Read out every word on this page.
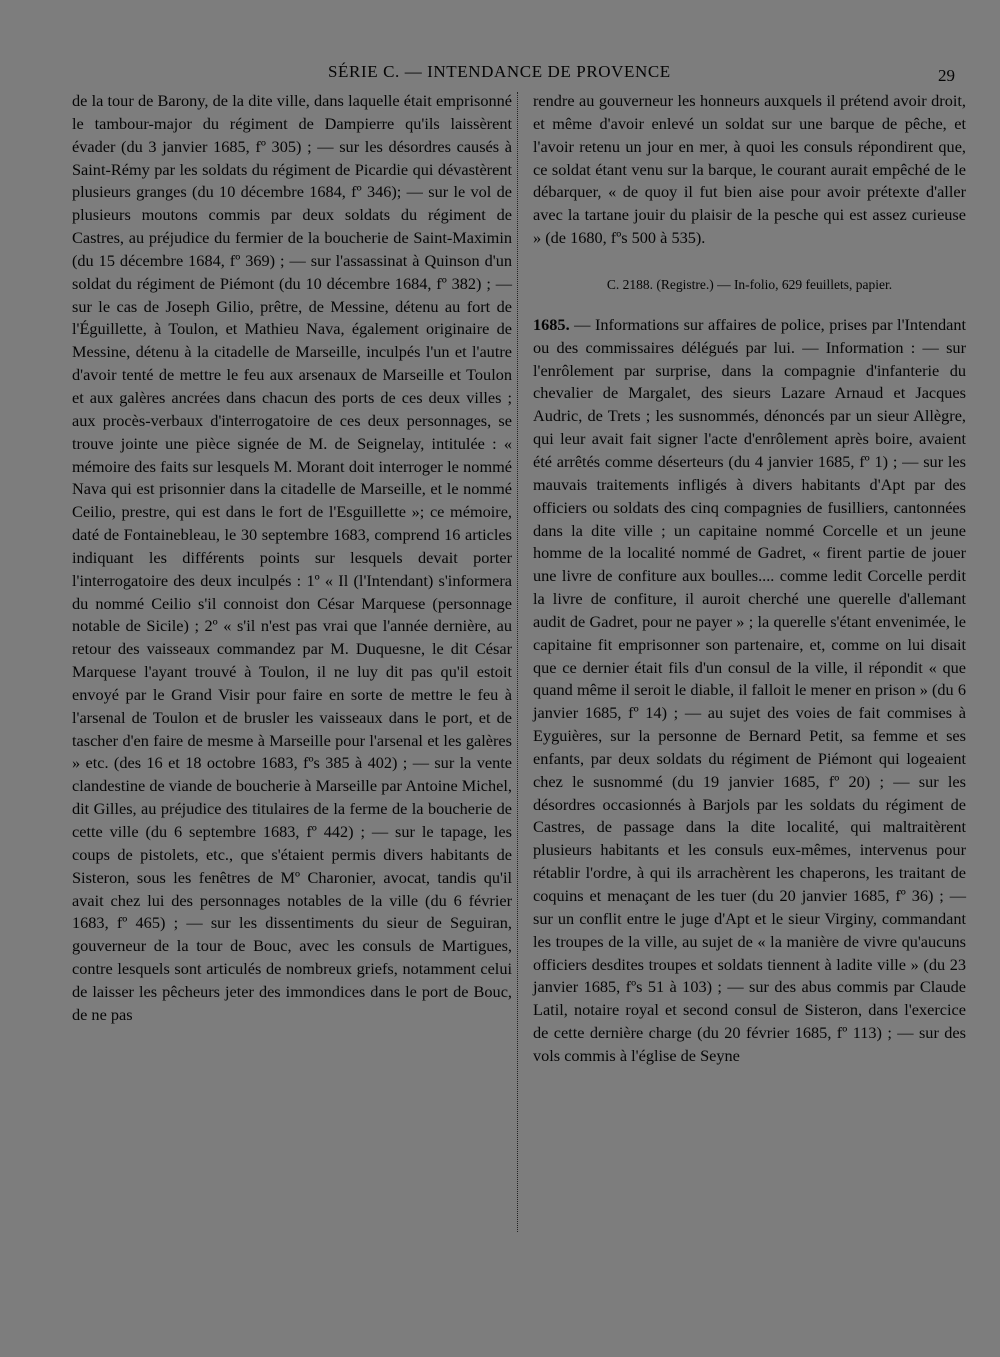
SÉRIE C. — INTENDANCE DE PROVENCE	29

de la tour de Barony, de la dite ville, dans laquelle était emprisonné le tambour-major du régiment de Dampierre qu'ils laissèrent évader (du 3 janvier 1685, fº 305) ; — sur les désordres causés à Saint-Rémy par les soldats du régiment de Picardie qui dévastèrent plusieurs granges (du 10 décembre 1684, fº 346); — sur le vol de plusieurs moutons commis par deux soldats du régiment de Castres, au préjudice du fermier de la boucherie de Saint-Maximin (du 15 décembre 1684, fº 369) ; — sur l'assassinat à Quinson d'un soldat du régiment de Piémont (du 10 décembre 1684, fº 382) ; — sur le cas de Joseph Gilio, prêtre, de Messine, détenu au fort de l'Éguillette, à Toulon, et Mathieu Nava, également originaire de Messine, détenu à la citadelle de Marseille, inculpés l'un et l'autre d'avoir tenté de mettre le feu aux arsenaux de Marseille et Toulon et aux galères ancrées dans chacun des ports de ces deux villes ; aux procès-verbaux d'interrogatoire de ces deux personnages, se trouve jointe une pièce signée de M. de Seignelay, intitulée : « mémoire des faits sur lesquels M. Morant doit interroger le nommé Nava qui est prisonnier dans la citadelle de Marseille, et le nommé Ceilio, prestre, qui est dans le fort de l'Esguillette »; ce mémoire, daté de Fontainebleau, le 30 septembre 1683, comprend 16 articles indiquant les différents points sur lesquels devait porter l'interrogatoire des deux inculpés : 1º « Il (l'Intendant) s'informera du nommé Ceilio s'il connoist don César Marquese (personnage notable de Sicile) ; 2º « s'il n'est pas vrai que l'année dernière, au retour des vaisseaux commandez par M. Duquesne, le dit César Marquese l'ayant trouvé à Toulon, il ne luy dit pas qu'il estoit envoyé par le Grand Visir pour faire en sorte de mettre le feu à l'arsenal de Toulon et de brusler les vaisseaux dans le port, et de tascher d'en faire de mesme à Marseille pour l'arsenal et les galères » etc. (des 16 et 18 octobre 1683, fºs 385 à 402) ; — sur la vente clandestine de viande de boucherie à Marseille par Antoine Michel, dit Gilles, au préjudice des titulaires de la ferme de la boucherie de cette ville (du 6 septembre 1683, fº 442) ; — sur le tapage, les coups de pistolets, etc., que s'étaient permis divers habitants de Sisteron, sous les fenêtres de Mº Charonier, avocat, tandis qu'il avait chez lui des personnages notables de la ville (du 6 février 1683, fº 465) ; — sur les dissentiments du sieur de Seguiran, gouverneur de la tour de Bouc, avec les consuls de Martigues, contre lesquels sont articulés de nombreux griefs, notamment celui de laisser les pêcheurs jeter des immondices dans le port de Bouc, de ne pas

rendre au gouverneur les honneurs auxquels il prétend avoir droit, et même d'avoir enlevé un soldat sur une barque de pêche, et l'avoir retenu un jour en mer, à quoi les consuls répondirent que, ce soldat étant venu sur la barque, le courant aurait empêché de le débarquer, « de quoy il fut bien aise pour avoir prétexte d'aller avec la tartane jouir du plaisir de la pesche qui est assez curieuse » (de 1680, fºs 500 à 535).

C. 2188. (Registre.) — In-folio, 629 feuillets, papier.

1685. — Informations sur affaires de police, prises par l'Intendant ou des commissaires délégués par lui. — Information : — sur l'enrôlement par surprise, dans la compagnie d'infanterie du chevalier de Margalet, des sieurs Lazare Arnaud et Jacques Audric, de Trets ; les susnommés, dénoncés par un sieur Allègre, qui leur avait fait signer l'acte d'enrôlement après boire, avaient été arrêtés comme déserteurs (du 4 janvier 1685, fº 1) ; — sur les mauvais traitements infligés à divers habitants d'Apt par des officiers ou soldats des cinq compagnies de fusilliers, cantonnées dans la dite ville ; un capitaine nommé Corcelle et un jeune homme de la localité nommé de Gadret, « firent partie de jouer une livre de confiture aux boulles.... comme ledit Corcelle perdit la livre de confiture, il auroit cherché une querelle d'allemant audit de Gadret, pour ne payer » ; la querelle s'étant envenimée, le capitaine fit emprisonner son partenaire, et, comme on lui disait que ce dernier était fils d'un consul de la ville, il répondit « que quand même il seroit le diable, il falloit le mener en prison » (du 6 janvier 1685, fº 14) ; — au sujet des voies de fait commises à Eyguières, sur la personne de Bernard Petit, sa femme et ses enfants, par deux soldats du régiment de Piémont qui logeaient chez le susnommé (du 19 janvier 1685, fº 20) ; — sur les désordres occasionnés à Barjols par les soldats du régiment de Castres, de passage dans la dite localité, qui maltraitèrent plusieurs habitants et les consuls eux-mêmes, intervenus pour rétablir l'ordre, à qui ils arrachèrent les chaperons, les traitant de coquins et menaçant de les tuer (du 20 janvier 1685, fº 36) ; — sur un conflit entre le juge d'Apt et le sieur Virginy, commandant les troupes de la ville, au sujet de « la manière de vivre qu'aucuns officiers desdites troupes et soldats tiennent à ladite ville » (du 23 janvier 1685, fºs 51 à 103) ; — sur des abus commis par Claude Latil, notaire royal et second consul de Sisteron, dans l'exercice de cette dernière charge (du 20 février 1685, fº 113) ; — sur des vols commis à l'église de Seyne
